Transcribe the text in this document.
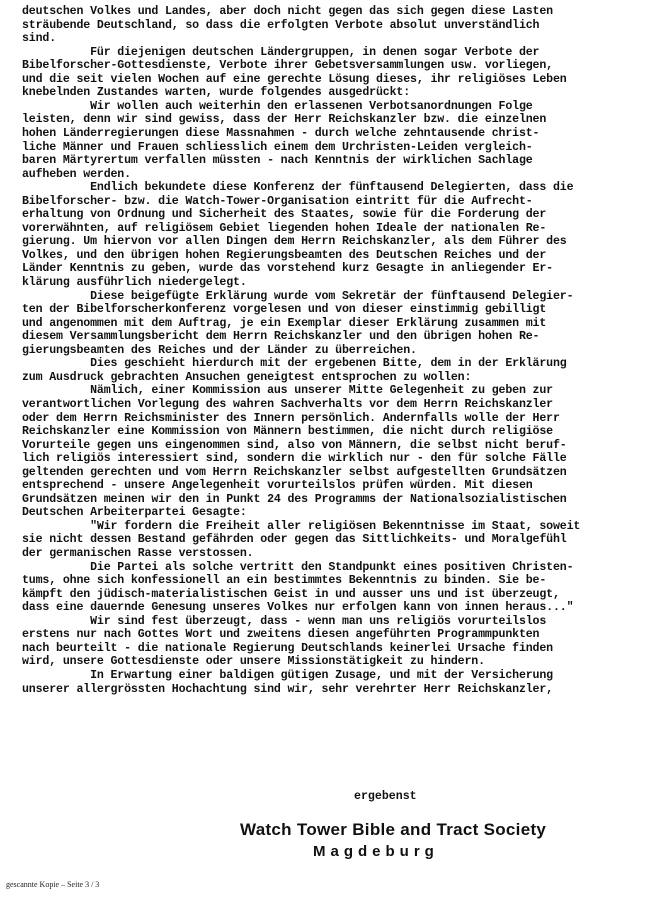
deutschen Volkes und Landes, aber doch nicht gegen das sich gegen diese Lasten
sträubende Deutschland, so dass die erfolgten Verbote absolut unverständlich
sind.
Für diejenigen deutschen Ländergruppen, in denen sogar Verbote der
Bibelforscher-Gottesdienste, Verbote ihrer Gebetsversammlungen usw. vorliegen,
und die seit vielen Wochen auf eine gerechte Lösung dieses, ihr religiöses Leben
knebelnden Zustandes warten, wurde folgendes ausgedrückt:
Wir wollen auch weiterhin den erlassenen Verbotsanordnungen Folge
leisten, denn wir sind gewiss, dass der Herr Reichskanzler bzw. die einzelnen
hohen Länderregierungen diese Massnahmen - durch welche zehntausende christ-
liche Männer und Frauen schliesslich einem dem Urchristen-Leiden vergleich-
baren Märtyrertum verfallen müssten - nach Kenntnis der wirklichen Sachlage
aufheben werden.
Endlich bekundete diese Konferenz der fünftausend Delegierten, dass die
Bibelforscher- bzw. die Watch-Tower-Organisation eintritt für die Aufrecht-
erhaltung von Ordnung und Sicherheit des Staates, sowie für die Forderung der
vorerwähnten, auf religiösem Gebiet liegenden hohen Ideale der nationalen Re-
gierung. Um hiervon vor allen Dingen dem Herrn Reichskanzler, als dem Führer des
Volkes, und den übrigen hohen Regierungsbeamten des Deutschen Reiches und der
Länder Kenntnis zu geben, wurde das vorstehend kurz Gesagte in anliegender Er-
klärung ausführlich niedergelegt.
Diese beigefügte Erklärung wurde vom Sekretär der fünftausend Delegier-
ten der Bibelforscherkonferenz vorgelesen und von dieser einstimmig gebilligt
und angenommen mit dem Auftrag, je ein Exemplar dieser Erklärung zusammen mit
diesem Versammlungsbericht dem Herrn Reichskanzler und den übrigen hohen Re-
gierungsbeamten des Reiches und der Länder zu überreichen.
Dies geschieht hierdurch mit der ergebenen Bitte, dem in der Erklärung
zum Ausdruck gebrachten Ansuchen geneigtest entsprochen zu wollen:
Nämlich, einer Kommission aus unserer Mitte Gelegenheit zu geben zur
verantwortlichen Vorlegung des wahren Sachverhalts vor dem Herrn Reichskanzler
oder dem Herrn Reichsminister des Innern persönlich. Andernfalls wolle der Herr
Reichskanzler eine Kommission von Männern bestimmen, die nicht durch religiöse
Vorurteile gegen uns eingenommen sind, also von Männern, die selbst nicht beruf-
lich religiös interessiert sind, sondern die wirklich nur - den für solche Fälle
geltenden gerechten und vom Herrn Reichskanzler selbst aufgestellten Grundsätzen
entsprechend - unsere Angelegenheit vorurteilslos prüfen würden. Mit diesen
Grundsätzen meinen wir den in Punkt 24 des Programms der Nationalsozialistischen
Deutschen Arbeiterpartei Gesagte:
"Wir fordern die Freiheit aller religiösen Bekenntnisse im Staat, soweit
sie nicht dessen Bestand gefährden oder gegen das Sittlichkeits- und Moralgefühl
der germanischen Rasse verstossen.
Die Partei als solche vertritt den Standpunkt eines positiven Christen-
tums, ohne sich konfessionell an ein bestimmtes Bekenntnis zu binden. Sie be-
kämpft den jüdisch-materialistischen Geist in und ausser uns und ist überzeugt,
dass eine dauernde Genesung unseres Volkes nur erfolgen kann von innen heraus..."
Wir sind fest überzeugt, dass - wenn man uns religiös vorurteilslos
erstens nur nach Gottes Wort und zweitens diesen angeführten Programmpunkten
nach beurteilt - die nationale Regierung Deutschlands keinerlei Ursache finden
wird, unsere Gottesdienste oder unsere Missionstätigkeit zu hindern.
In Erwartung einer baldigen gütigen Zusage, und mit der Versicherung
unserer allergrössten Hochachtung sind wir, sehr verehrter Herr Reichskanzler,
ergebenst
Watch Tower Bible and Tract Society
Magdeburg
gescannte Kopie – Seite 3 / 3
